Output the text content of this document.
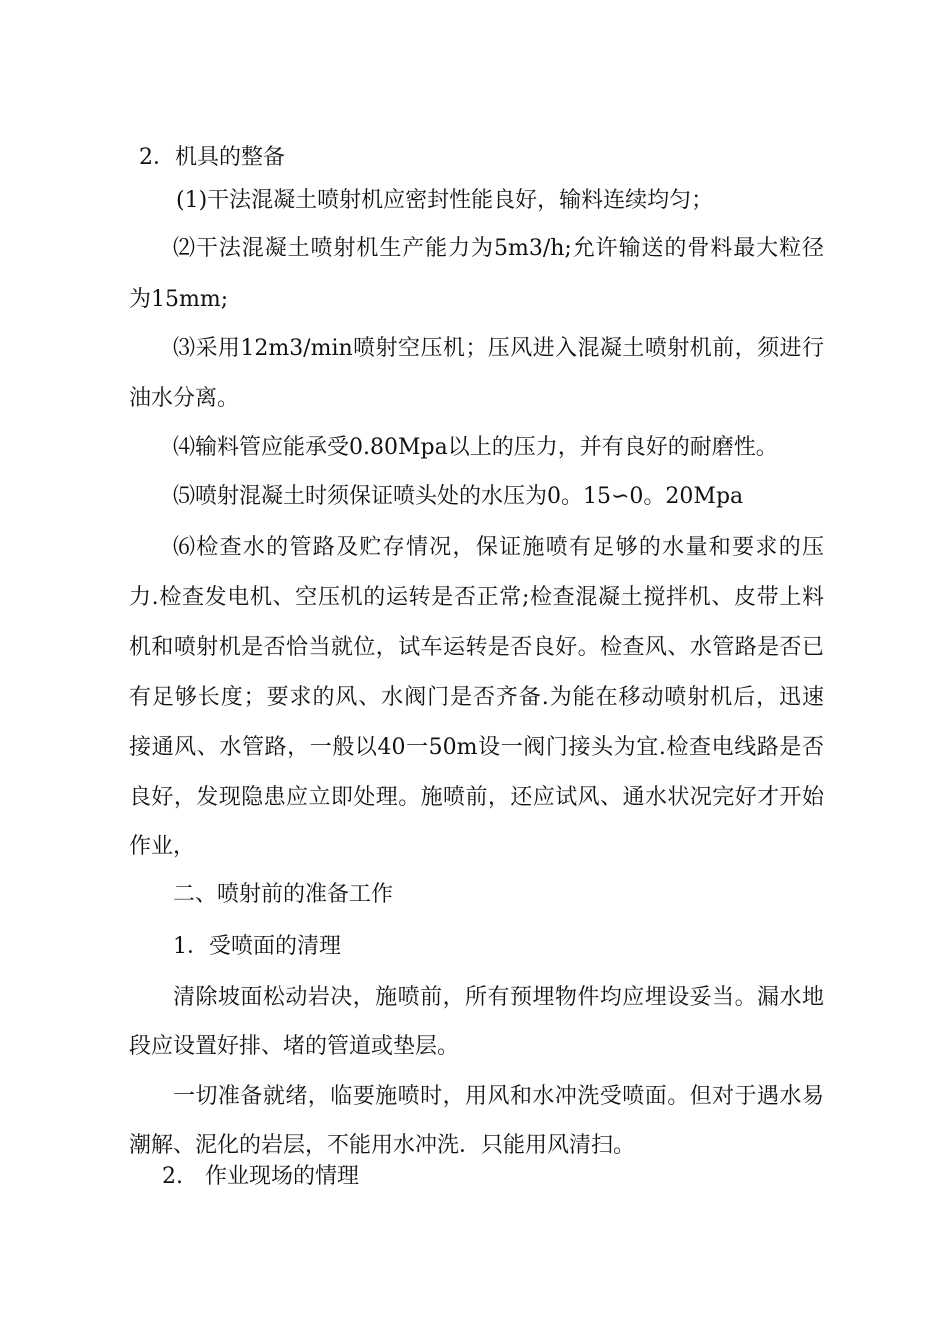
2．机具的整备
(1)干法混凝土喷射机应密封性能良好，输料连续均匀；
⑵干法混凝土喷射机生产能力为5m3/h;允许输送的骨料最大粒径
为15mm;
⑶采用12m3/min喷射空压机；压风进入混凝土喷射机前，须进行
油水分离。
⑷输料管应能承受0.80Mpa以上的压力，并有良好的耐磨性。
⑸喷射混凝土时须保证喷头处的水压为0。15∽0。20Mpa
⑹检查水的管路及贮存情况，保证施喷有足够的水量和要求的压
力.检查发电机、空压机的运转是否正常;检查混凝土搅拌机、皮带上料
机和喷射机是否恰当就位，试车运转是否良好。检查风、水管路是否已
有足够长度；要求的风、水阀门是否齐备.为能在移动喷射机后，迅速
接通风、水管路，一般以40一50m设一阀门接头为宜.检查电线路是否
良好，发现隐患应立即处理。施喷前，还应试风、通水状况完好才开始
作业，
二、喷射前的准备工作
1．受喷面的清理
清除坡面松动岩决，施喷前，所有预埋物件均应埋设妥当。漏水地
段应设置好排、堵的管道或垫层。
一切准备就绪，临要施喷时，用风和水冲洗受喷面。但对于遇水易
潮解、泥化的岩层，不能用水冲洗．只能用风清扫。
2.　作业现场的情理
